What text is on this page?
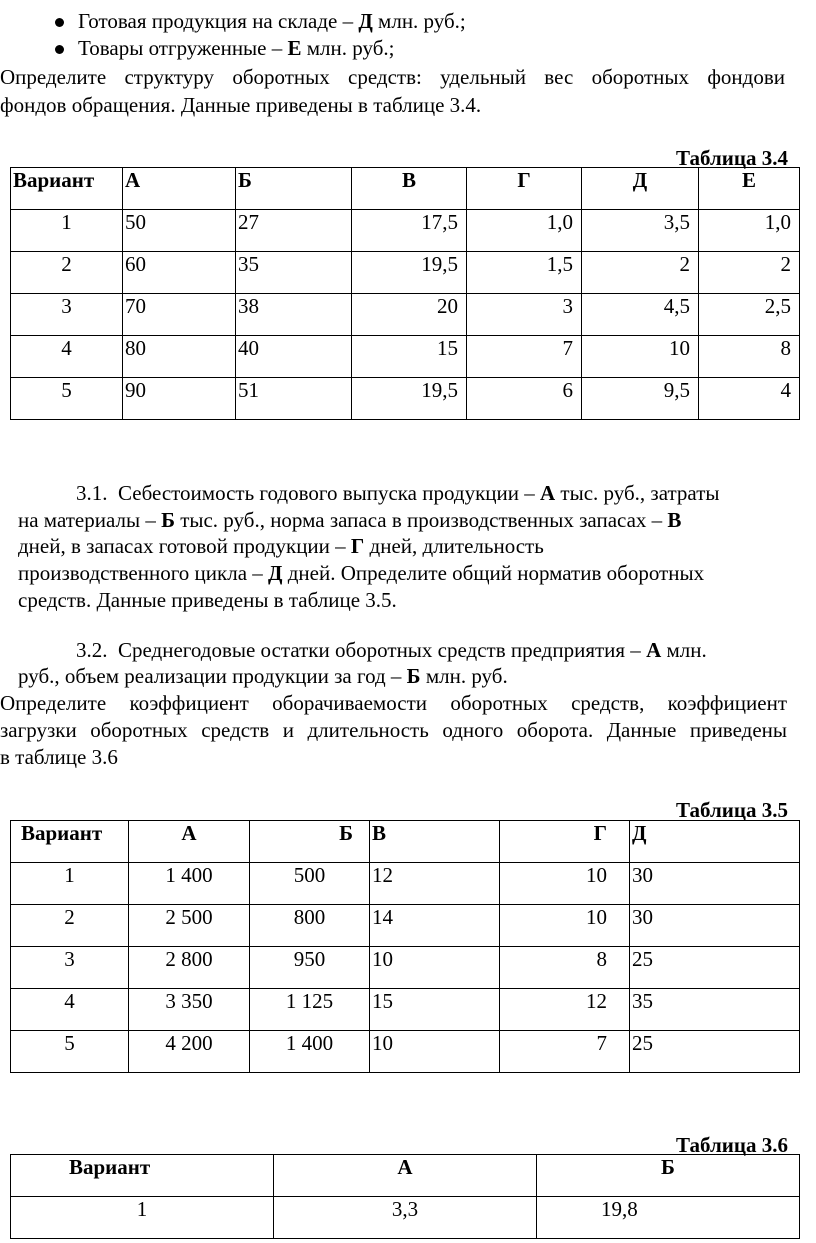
Готовая продукция на складе – Д млн. руб.;
Товары отгруженные – Е млн. руб.;
Определите структуру оборотных средств: удельный вес оборотных фондови
фондов обращения. Данные приведены в таблице 3.4.
Таблица 3.4
Вариант	А	Б	В	Г	Д	Е
1	50	27	17,5	1,0	3,5	1,0
2	60	35	19,5	1,5	2	2
3	70	38	20	3	4,5	2,5
4	80	40	15	7	10	8
5	90	51	19,5	6	9,5	4
3.1. Себестоимость годового выпуска продукции – А тыс. руб., затраты
на материалы – Б тыс. руб., норма запаса в производственных запасах – В
дней, в запасах готовой продукции – Г дней, длительность
производственного цикла – Д дней. Определите общий норматив оборотных
средств. Данные приведены в таблице 3.5.
3.2. Среднегодовые остатки оборотных средств предприятия – А млн.
руб., объем реализации продукции за год – Б млн. руб.
Определите коэффициент оборачиваемости оборотных средств, коэффициент
загрузки оборотных средств и длительность одного оборота. Данные приведены
в таблице 3.6
Таблица 3.5
Вариант	А	Б	В	Г	Д
1	1 400	500	12	10	30
2	2 500	800	14	10	30
3	2 800	950	10	8	25
4	3 350	1 125	15	12	35
5	4 200	1 400	10	7	25
Таблица 3.6
Вариант	А	Б
1	3,3	19,8
